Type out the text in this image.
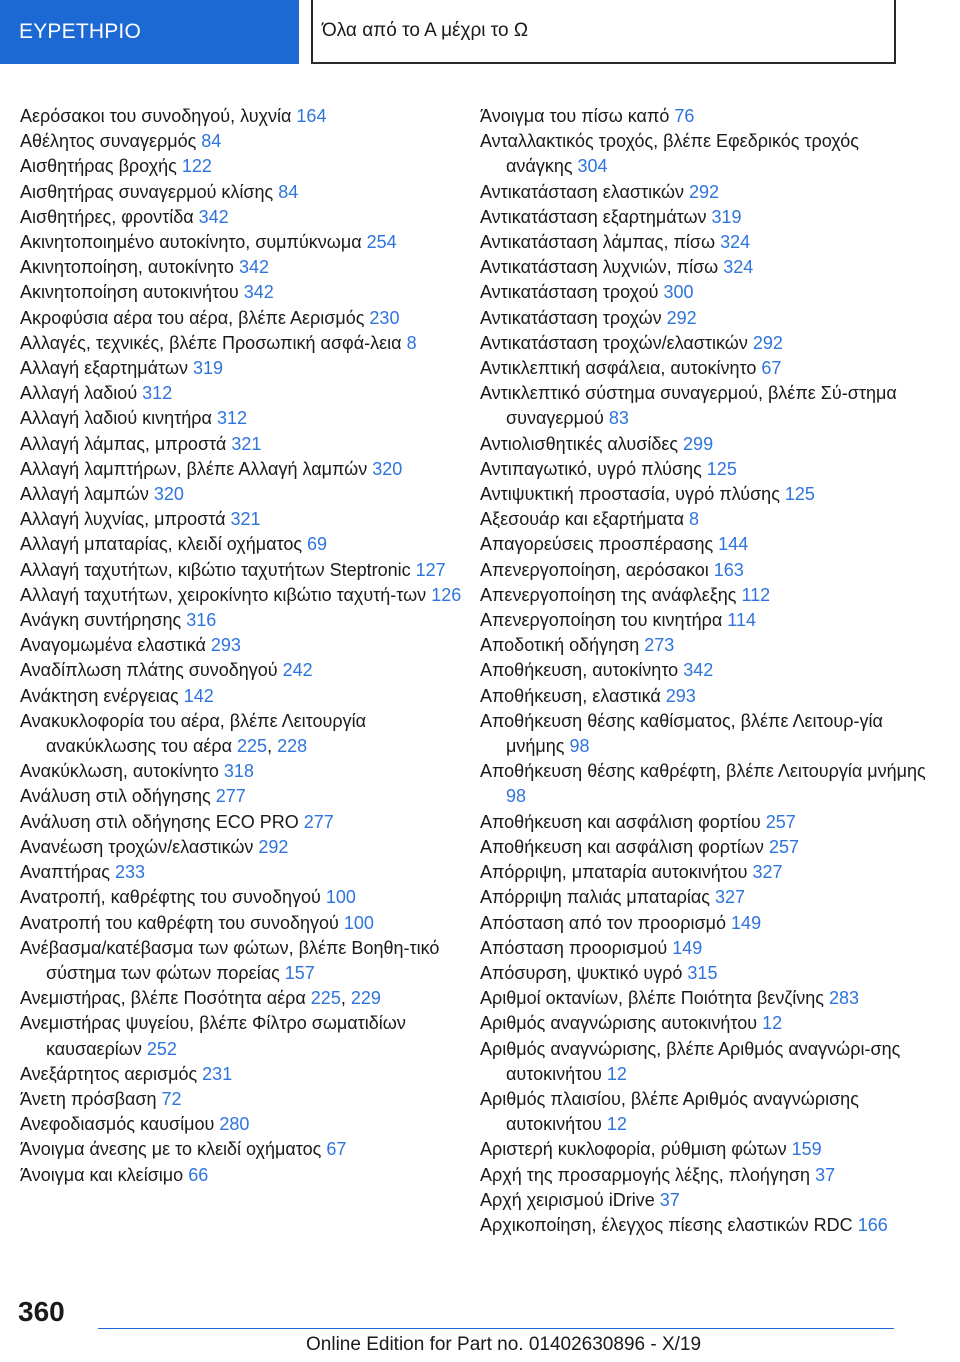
ΕΥΡΕΤΗΡΙΟ	Όλα από το Α μέχρι το Ω
Αερόσακοι του συνοδηγού, λυχνία 164
Αθέλητος συναγερμός 84
Αισθητήρας βροχής 122
Αισθητήρας συναγερμού κλίσης 84
Αισθητήρες, φροντίδα 342
Ακινητοποιημένο αυτοκίνητο, συμπύκνωμα 254
Ακινητοποίηση, αυτοκίνητο 342
Ακινητοποίηση αυτοκινήτου 342
Ακροφύσια αέρα του αέρα, βλέπε Αερισμός 230
Αλλαγές, τεχνικές, βλέπε Προσωπική ασφά-λεια 8
Αλλαγή εξαρτημάτων 319
Αλλαγή λαδιού 312
Αλλαγή λαδιού κινητήρα 312
Αλλαγή λάμπας, μπροστά 321
Αλλαγή λαμπτήρων, βλέπε Αλλαγή λαμπών 320
Αλλαγή λαμπών 320
Αλλαγή λυχνίας, μπροστά 321
Αλλαγή μπαταρίας, κλειδί οχήματος 69
Αλλαγή ταχυτήτων, κιβώτιο ταχυτήτων Steptronic 127
Αλλαγή ταχυτήτων, χειροκίνητο κιβώτιο ταχυτή-των 126
Ανάγκη συντήρησης 316
Αναγομωμένα ελαστικά 293
Αναδίπλωση πλάτης συνοδηγού 242
Ανάκτηση ενέργειας 142
Ανακυκλοφορία του αέρα, βλέπε Λειτουργία ανακύκλωσης του αέρα 225, 228
Ανακύκλωση, αυτοκίνητο 318
Ανάλυση στιλ οδήγησης 277
Ανάλυση στιλ οδήγησης ECO PRO 277
Ανανέωση τροχών/ελαστικών 292
Αναπτήρας 233
Ανατροπή, καθρέφτης του συνοδηγού 100
Ανατροπή του καθρέφτη του συνοδηγού 100
Ανέβασμα/κατέβασμα των φώτων, βλέπε Βοηθη-τικό σύστημα των φώτων πορείας 157
Ανεμιστήρας, βλέπε Ποσότητα αέρα 225, 229
Ανεμιστήρας ψυγείου, βλέπε Φίλτρο σωματιδίων καυσαερίων 252
Ανεξάρτητος αερισμός 231
Άνετη πρόσβαση 72
Ανεφοδιασμός καυσίμου 280
Άνοιγμα άνεσης με το κλειδί οχήματος 67
Άνοιγμα και κλείσιμο 66
Άνοιγμα του πίσω καπό 76
Ανταλλακτικός τροχός, βλέπε Εφεδρικός τροχός ανάγκης 304
Αντικατάσταση ελαστικών 292
Αντικατάσταση εξαρτημάτων 319
Αντικατάσταση λάμπας, πίσω 324
Αντικατάσταση λυχνιών, πίσω 324
Αντικατάσταση τροχού 300
Αντικατάσταση τροχών 292
Αντικατάσταση τροχών/ελαστικών 292
Αντικλεπτική ασφάλεια, αυτοκίνητο 67
Αντικλεπτικό σύστημα συναγερμού, βλέπε Σύ-στημα συναγερμού 83
Αντιολισθητικές αλυσίδες 299
Αντιπαγωτικό, υγρό πλύσης 125
Αντιψυκτική προστασία, υγρό πλύσης 125
Αξεσουάρ και εξαρτήματα 8
Απαγορεύσεις προσπέρασης 144
Απενεργοποίηση, αερόσακοι 163
Απενεργοποίηση της ανάφλεξης 112
Απενεργοποίηση του κινητήρα 114
Αποδοτική οδήγηση 273
Αποθήκευση, αυτοκίνητο 342
Αποθήκευση, ελαστικά 293
Αποθήκευση θέσης καθίσματος, βλέπε Λειτουρ-γία μνήμης 98
Αποθήκευση θέσης καθρέφτη, βλέπε Λειτουργία μνήμης 98
Αποθήκευση και ασφάλιση φορτίου 257
Αποθήκευση και ασφάλιση φορτίων 257
Απόρριψη, μπαταρία αυτοκινήτου 327
Απόρριψη παλιάς μπαταρίας 327
Απόσταση από τον προορισμό 149
Απόσταση προορισμού 149
Απόσυρση, ψυκτικό υγρό 315
Αριθμοί οκτανίων, βλέπε Ποιότητα βενζίνης 283
Αριθμός αναγνώρισης αυτοκινήτου 12
Αριθμός αναγνώρισης, βλέπε Αριθμός αναγνώρι-σης αυτοκινήτου 12
Αριθμός πλαισίου, βλέπε Αριθμός αναγνώρισης αυτοκινήτου 12
Αριστερή κυκλοφορία, ρύθμιση φώτων 159
Αρχή της προσαρμογής λέξης, πλοήγηση 37
Αρχή χειρισμού iDrive 37
Αρχικοποίηση, έλεγχος πίεσης ελαστικών RDC 166
360
Online Edition for Part no. 01402630896 - X/19
